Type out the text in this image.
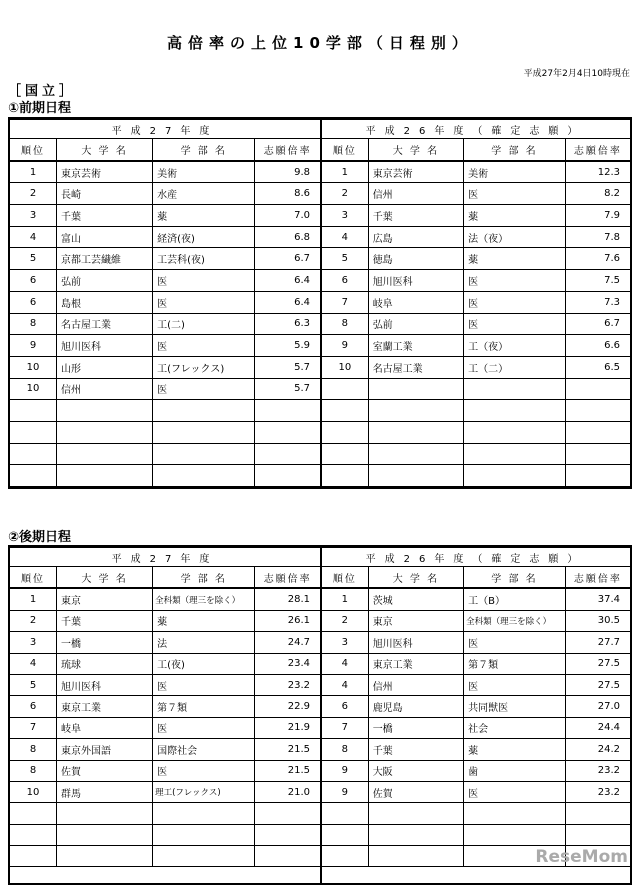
高倍率の上位10学部（日程別）
平成27年2月4日10時現在
［国立］
①前期日程
②後期日程
平成27年度			
順位	大 学 名	学 部 名	志願倍率
1	東京芸術	美術	9.8
2	長崎	水産	8.6
3	千葉	薬	7.0
4	富山	経済(夜)	6.8
5	京都工芸繊維	工芸科(夜)	6.7
6	弘前	医	6.4
6	島根	医	6.4
8	名古屋工業	工(二)	6.3
9	旭川医科	医	5.9
10	山形	工(フレックス)	5.7
10	信州	医	5.7

平成26年度（確定志願）			
順位	大 学 名	学 部 名	志願倍率
1	東京芸術	美術	12.3
2	信州	医	8.2
3	千葉	薬	7.9
4	広島	法（夜）	7.8
5	徳島	薬	7.6
6	旭川医科	医	7.5
7	岐阜	医	7.3
8	弘前	医	6.7
9	室蘭工業	工（夜）	6.6
10	名古屋工業	工（二）	6.5

平成27年度			
順位	大 学 名	学 部 名	志願倍率
1	東京	全科類（理三を除く）	28.1
2	千葉	薬	26.1
3	一橋	法	24.7
4	琉球	工(夜)	23.4
5	旭川医科	医	23.2
6	東京工業	第７類	22.9
7	岐阜	医	21.9
8	東京外国語	国際社会	21.5
8	佐賀	医	21.5
10	群馬	理工(フレックス)	21.0

平成26年度（確定志願）			
順位	大 学 名	学 部 名	志願倍率
1	茨城	工（B）	37.4
2	東京	全科類（理三を除く）	30.5
3	旭川医科	医	27.7
4	東京工業	第７類	27.5
4	信州	医	27.5
6	鹿児島	共同獣医	27.0
7	一橋	社会	24.4
8	千葉	薬	24.2
9	大阪	歯	23.2
9	佐賀	医	23.2

ReseMom
